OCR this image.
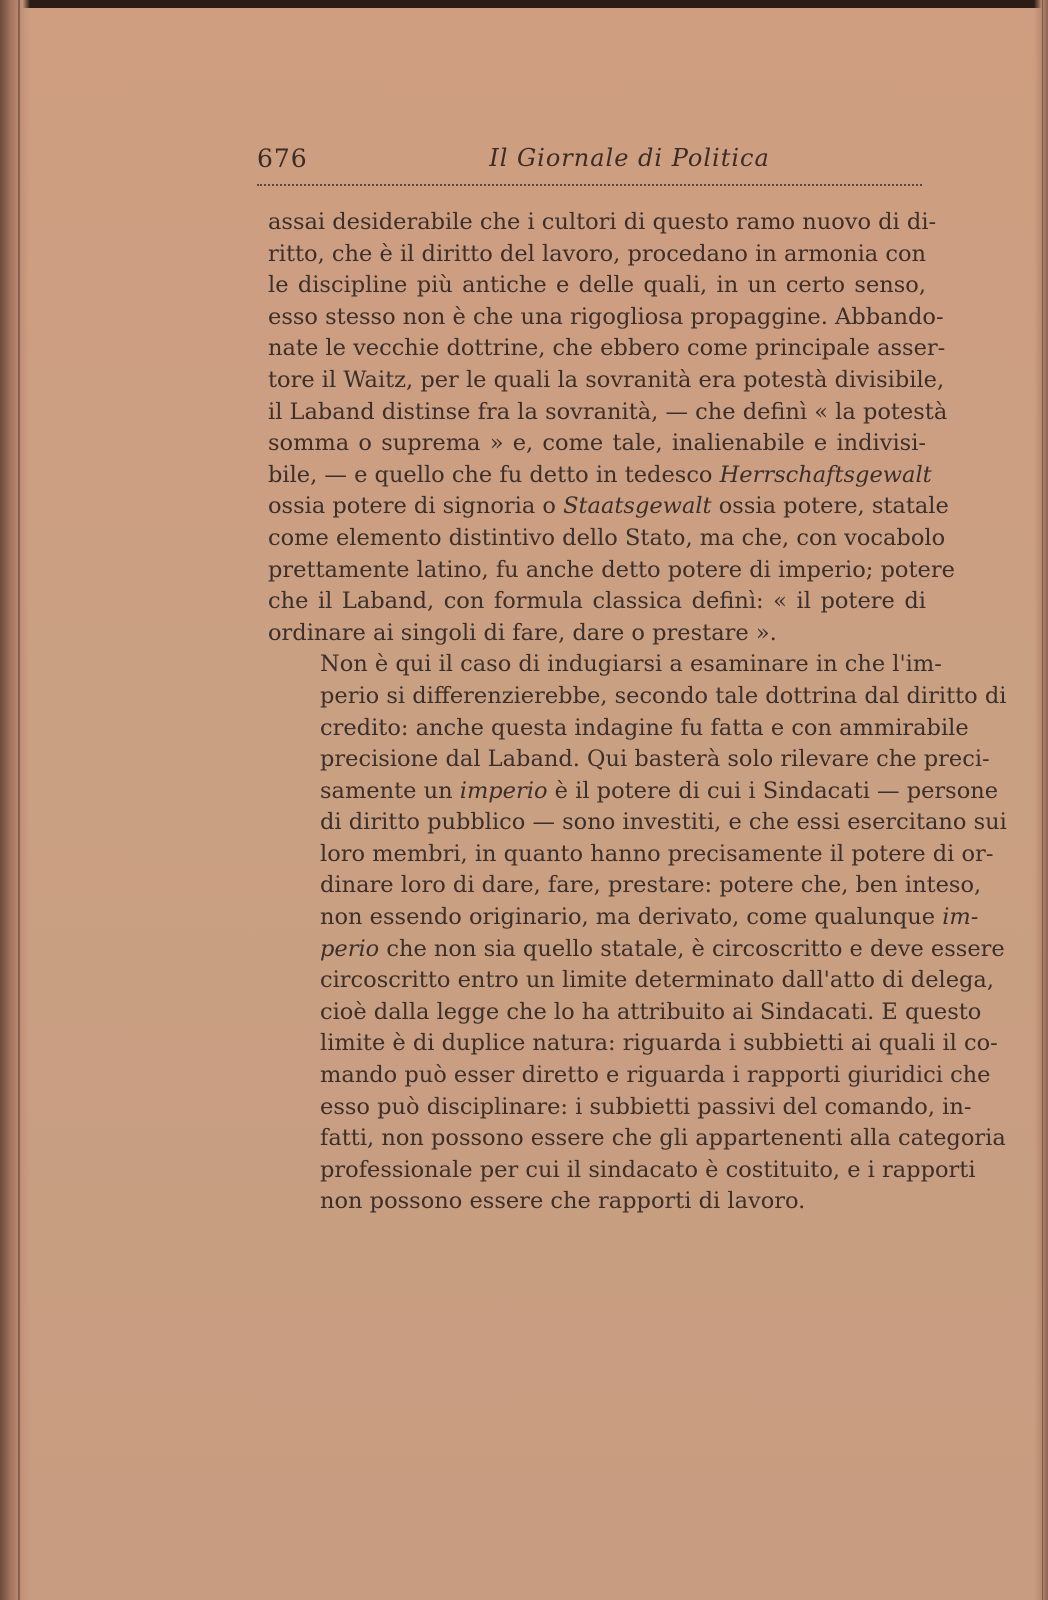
676	Il Giornale di Politica

assai desiderabile che i cultori di questo ramo nuovo di di-
ritto, che è il diritto del lavoro, procedano in armonia con
le discipline più antiche e delle quali, in un certo senso,
esso stesso non è che una rigogliosa propaggine. Abbando-
nate le vecchie dottrine, che ebbero come principale asser-
tore il Waitz, per le quali la sovranità era potestà divisibile,
il Laband distinse fra la sovranità, — che definì « la potestà
somma o suprema » e, come tale, inalienabile e indivisi-
bile, — e quello che fu detto in tedesco Herrschaftsgewalt
ossia potere di signoria o Staatsgewalt ossia potere, statale
come elemento distintivo dello Stato, ma che, con vocabolo
prettamente latino, fu anche detto potere di imperio; potere
che il Laband, con formula classica definì: « il potere di
ordinare ai singoli di fare, dare o prestare ».

Non è qui il caso di indugiarsi a esaminare in che l'im-
perio si differenzierebbe, secondo tale dottrina dal diritto di
credito: anche questa indagine fu fatta e con ammirabile
precisione dal Laband. Qui basterà solo rilevare che preci-
samente un imperio è il potere di cui i Sindacati — persone
di diritto pubblico — sono investiti, e che essi esercitano sui
loro membri, in quanto hanno precisamente il potere di or-
dinare loro di dare, fare, prestare: potere che, ben inteso,
non essendo originario, ma derivato, come qualunque im-
perio che non sia quello statale, è circoscritto e deve essere
circoscritto entro un limite determinato dall'atto di delega,
cioè dalla legge che lo ha attribuito ai Sindacati. E questo
limite è di duplice natura: riguarda i subbietti ai quali il co-
mando può esser diretto e riguarda i rapporti giuridici che
esso può disciplinare: i subbietti passivi del comando, in-
fatti, non possono essere che gli appartenenti alla categoria
professionale per cui il sindacato è costituito, e i rapporti
non possono essere che rapporti di lavoro.
